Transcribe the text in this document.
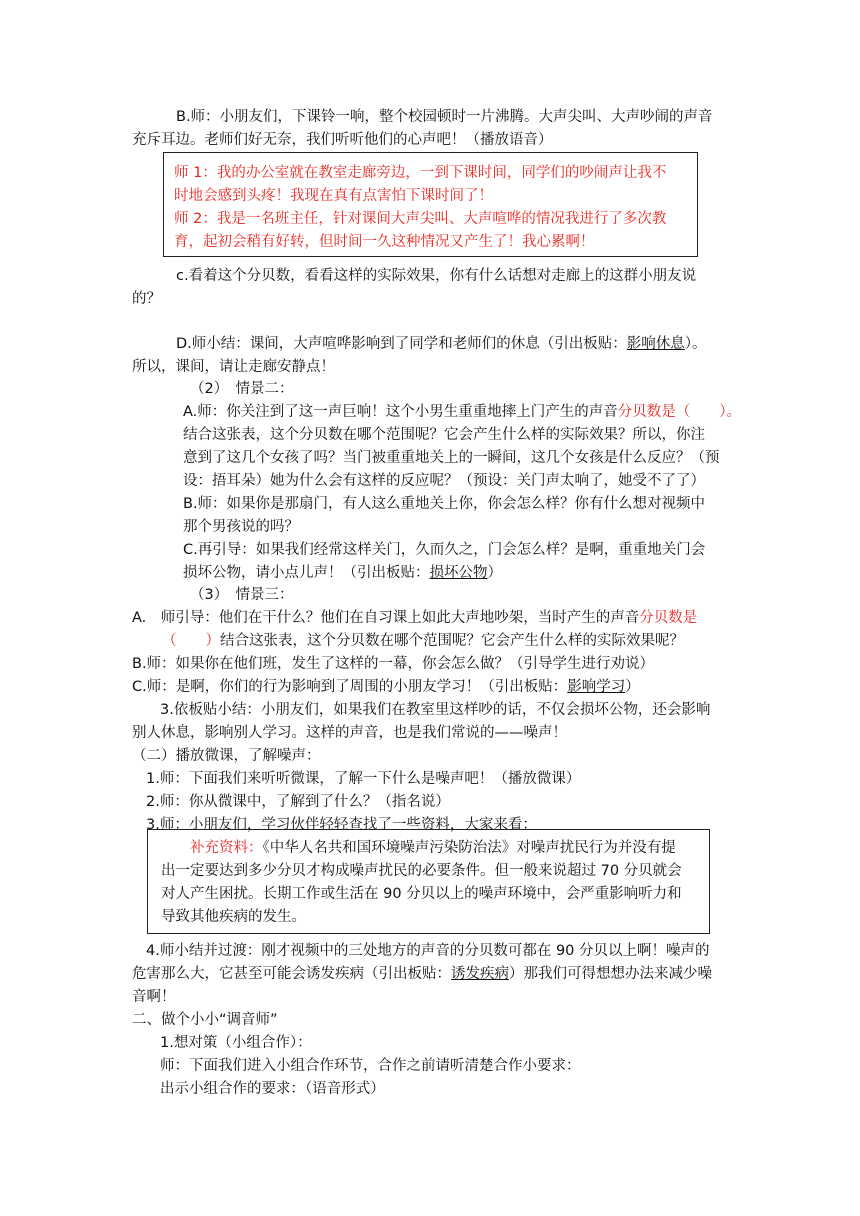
B.师：小朋友们，下课铃一响，整个校园顿时一片沸腾。大声尖叫、大声吵闹的声音
充斥耳边。老师们好无奈，我们听听他们的心声吧！（播放语音）
师 1：我的办公室就在教室走廊旁边，一到下课时间，同学们的吵闹声让我不
时地会感到头疼！我现在真有点害怕下课时间了！
师 2：我是一名班主任，针对课间大声尖叫、大声喧哗的情况我进行了多次教
育，起初会稍有好转，但时间一久这种情况又产生了！我心累啊！
c.看着这个分贝数，看看这样的实际效果，你有什么话想对走廊上的这群小朋友说
的？
D.师小结：课间，大声喧哗影响到了同学和老师们的休息（引出板贴：影响休息）。
所以，课间，请让走廊安静点！
（2）　情景二：
A.师：你关注到了这一声巨响！这个小男生重重地摔上门产生的声音分贝数是（　　）。
结合这张表，这个分贝数在哪个范围呢？它会产生什么样的实际效果？所以，你注
意到了这几个女孩了吗？当门被重重地关上的一瞬间，这几个女孩是什么反应？（预
设：捂耳朵）她为什么会有这样的反应呢？（预设：关门声太响了，她受不了了）
B.师：如果你是那扇门，有人这么重地关上你，你会怎么样？你有什么想对视频中
那个男孩说的吗？
C.再引导：如果我们经常这样关门，久而久之，门会怎么样？是啊，重重地关门会
损坏公物，请小点儿声！（引出板贴：损坏公物）
（3）　情景三：
A.　师引导：他们在干什么？他们在自习课上如此大声地吵架，当时产生的声音分贝数是
（　　）结合这张表，这个分贝数在哪个范围呢？它会产生什么样的实际效果呢？
B.师：如果你在他们班，发生了这样的一幕，你会怎么做？（引导学生进行劝说）
C.师：是啊，你们的行为影响到了周围的小朋友学习！（引出板贴：影响学习）
3.依板贴小结：小朋友们，如果我们在教室里这样吵的话，不仅会损坏公物，还会影响
别人休息，影响别人学习。这样的声音，也是我们常说的——噪声！
（二）播放微课，了解噪声：
1.师：下面我们来听听微课，了解一下什么是噪声吧！（播放微课）
2.师：你从微课中，了解到了什么？（指名说）
3.师：小朋友们，学习伙伴轻轻查找了一些资料，大家来看：
补充资料：《中华人名共和国环境噪声污染防治法》对噪声扰民行为并没有提
出一定要达到多少分贝才构成噪声扰民的必要条件。但一般来说超过 70 分贝就会
对人产生困扰。长期工作或生活在 90 分贝以上的噪声环境中，会严重影响听力和
导致其他疾病的发生。
4.师小结并过渡：刚才视频中的三处地方的声音的分贝数可都在 90 分贝以上啊！噪声的
危害那么大，它甚至可能会诱发疾病（引出板贴：诱发疾病）那我们可得想想办法来减少噪
音啊！
二、做个小小“调音师”
1.想对策（小组合作）：
师：下面我们进入小组合作环节，合作之前请听清楚合作小要求：
出示小组合作的要求：（语音形式）
